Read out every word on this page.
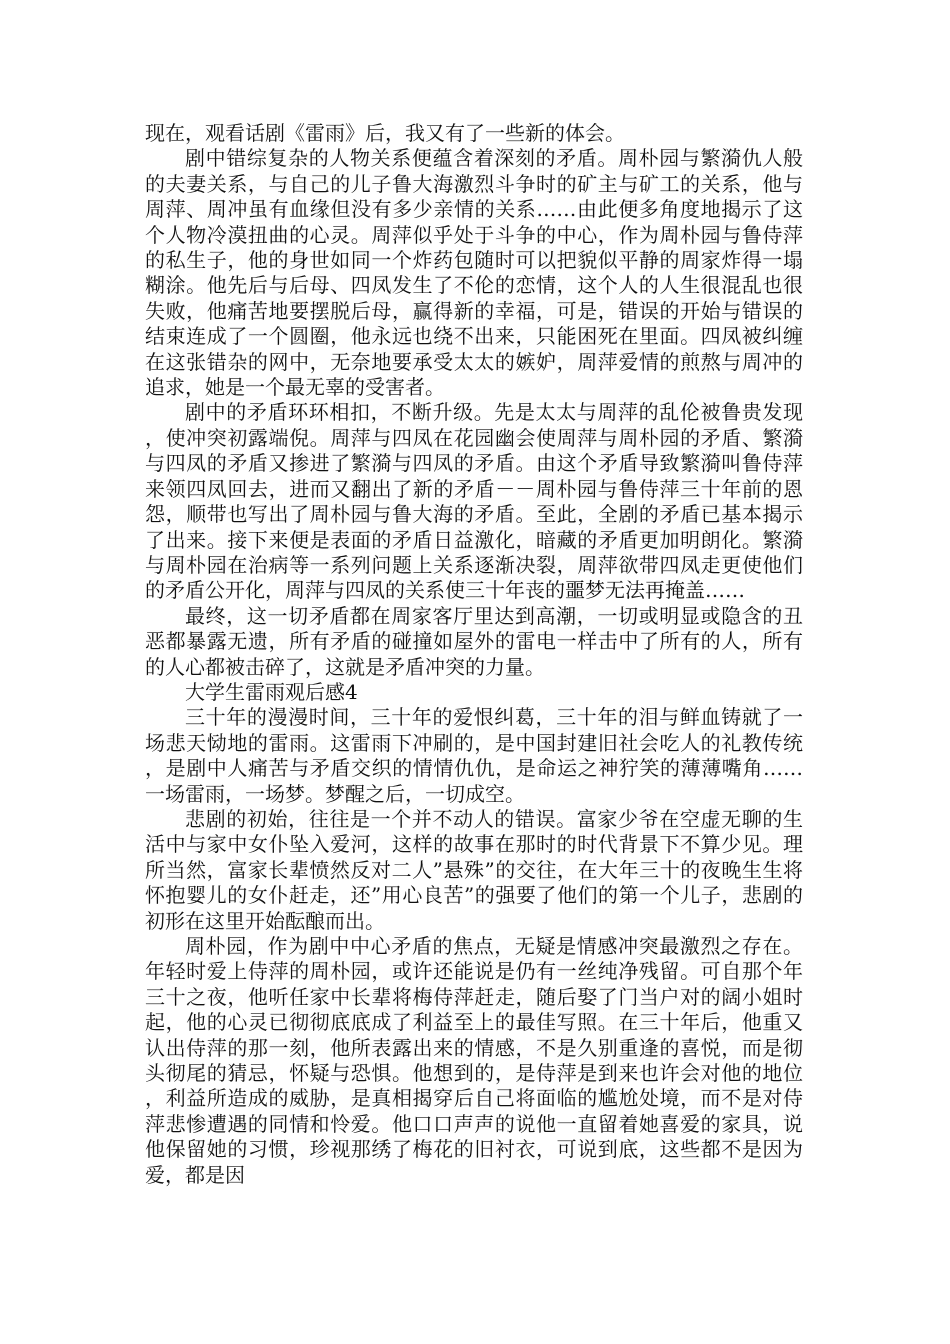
现在，观看话剧《雷雨》后，我又有了一些新的体会。

剧中错综复杂的人物关系便蕴含着深刻的矛盾。周朴园与繁漪仇人般的夫妻关系，与自己的儿子鲁大海激烈斗争时的矿主与矿工的关系，他与周萍、周冲虽有血缘但没有多少亲情的关系……由此便多角度地揭示了这个人物冷漠扭曲的心灵。周萍似乎处于斗争的中心，作为周朴园与鲁侍萍的私生子，他的身世如同一个炸药包随时可以把貌似平静的周家炸得一塌糊涂。他先后与后母、四凤发生了不伦的恋情，这个人的人生很混乱也很失败，他痛苦地要摆脱后母，赢得新的幸福，可是，错误的开始与错误的结束连成了一个圆圈，他永远也绕不出来，只能困死在里面。四凤被纠缠在这张错杂的网中，无奈地要承受太太的嫉妒，周萍爱情的煎熬与周冲的追求，她是一个最无辜的受害者。

剧中的矛盾环环相扣，不断升级。先是太太与周萍的乱伦被鲁贵发现，使冲突初露端倪。周萍与四凤在花园幽会使周萍与周朴园的矛盾、繁漪与四凤的矛盾又掺进了繁漪与四凤的矛盾。由这个矛盾导致繁漪叫鲁侍萍来领四凤回去，进而又翻出了新的矛盾－－周朴园与鲁侍萍三十年前的恩怨，顺带也写出了周朴园与鲁大海的矛盾。至此，全剧的矛盾已基本揭示了出来。接下来便是表面的矛盾日益激化，暗藏的矛盾更加明朗化。繁漪与周朴园在治病等一系列问题上关系逐渐决裂，周萍欲带四凤走更使他们的矛盾公开化，周萍与四凤的关系使三十年丧的噩梦无法再掩盖……

最终，这一切矛盾都在周家客厅里达到高潮，一切或明显或隐含的丑恶都暴露无遗，所有矛盾的碰撞如屋外的雷电一样击中了所有的人，所有的人心都被击碎了，这就是矛盾冲突的力量。

大学生雷雨观后感4

三十年的漫漫时间，三十年的爱恨纠葛，三十年的泪与鲜血铸就了一场悲天恸地的雷雨。这雷雨下冲刷的，是中国封建旧社会吃人的礼教传统，是剧中人痛苦与矛盾交织的情情仇仇，是命运之神狞笑的薄薄嘴角……一场雷雨，一场梦。梦醒之后，一切成空。

悲剧的初始，往往是一个并不动人的错误。富家少爷在空虚无聊的生活中与家中女仆坠入爱河，这样的故事在那时的时代背景下不算少见。理所当然，富家长辈愤然反对二人”悬殊”的交往，在大年三十的夜晚生生将怀抱婴儿的女仆赶走，还”用心良苦”的强要了他们的第一个儿子，悲剧的初形在这里开始酝酿而出。

周朴园，作为剧中中心矛盾的焦点，无疑是情感冲突最激烈之存在。年轻时爱上侍萍的周朴园，或许还能说是仍有一丝纯净残留。可自那个年三十之夜，他听任家中长辈将梅侍萍赶走，随后娶了门当户对的阔小姐时起，他的心灵已彻彻底底成了利益至上的最佳写照。在三十年后，他重又认出侍萍的那一刻，他所表露出来的情感，不是久别重逢的喜悦，而是彻头彻尾的猜忌，怀疑与恐惧。他想到的，是侍萍是到来也许会对他的地位，利益所造成的威胁，是真相揭穿后自己将面临的尴尬处境，而不是对侍萍悲惨遭遇的同情和怜爱。他口口声声的说他一直留着她喜爱的家具，说他保留她的习惯，珍视那绣了梅花的旧衬衣，可说到底，这些都不是因为爱，都是因
